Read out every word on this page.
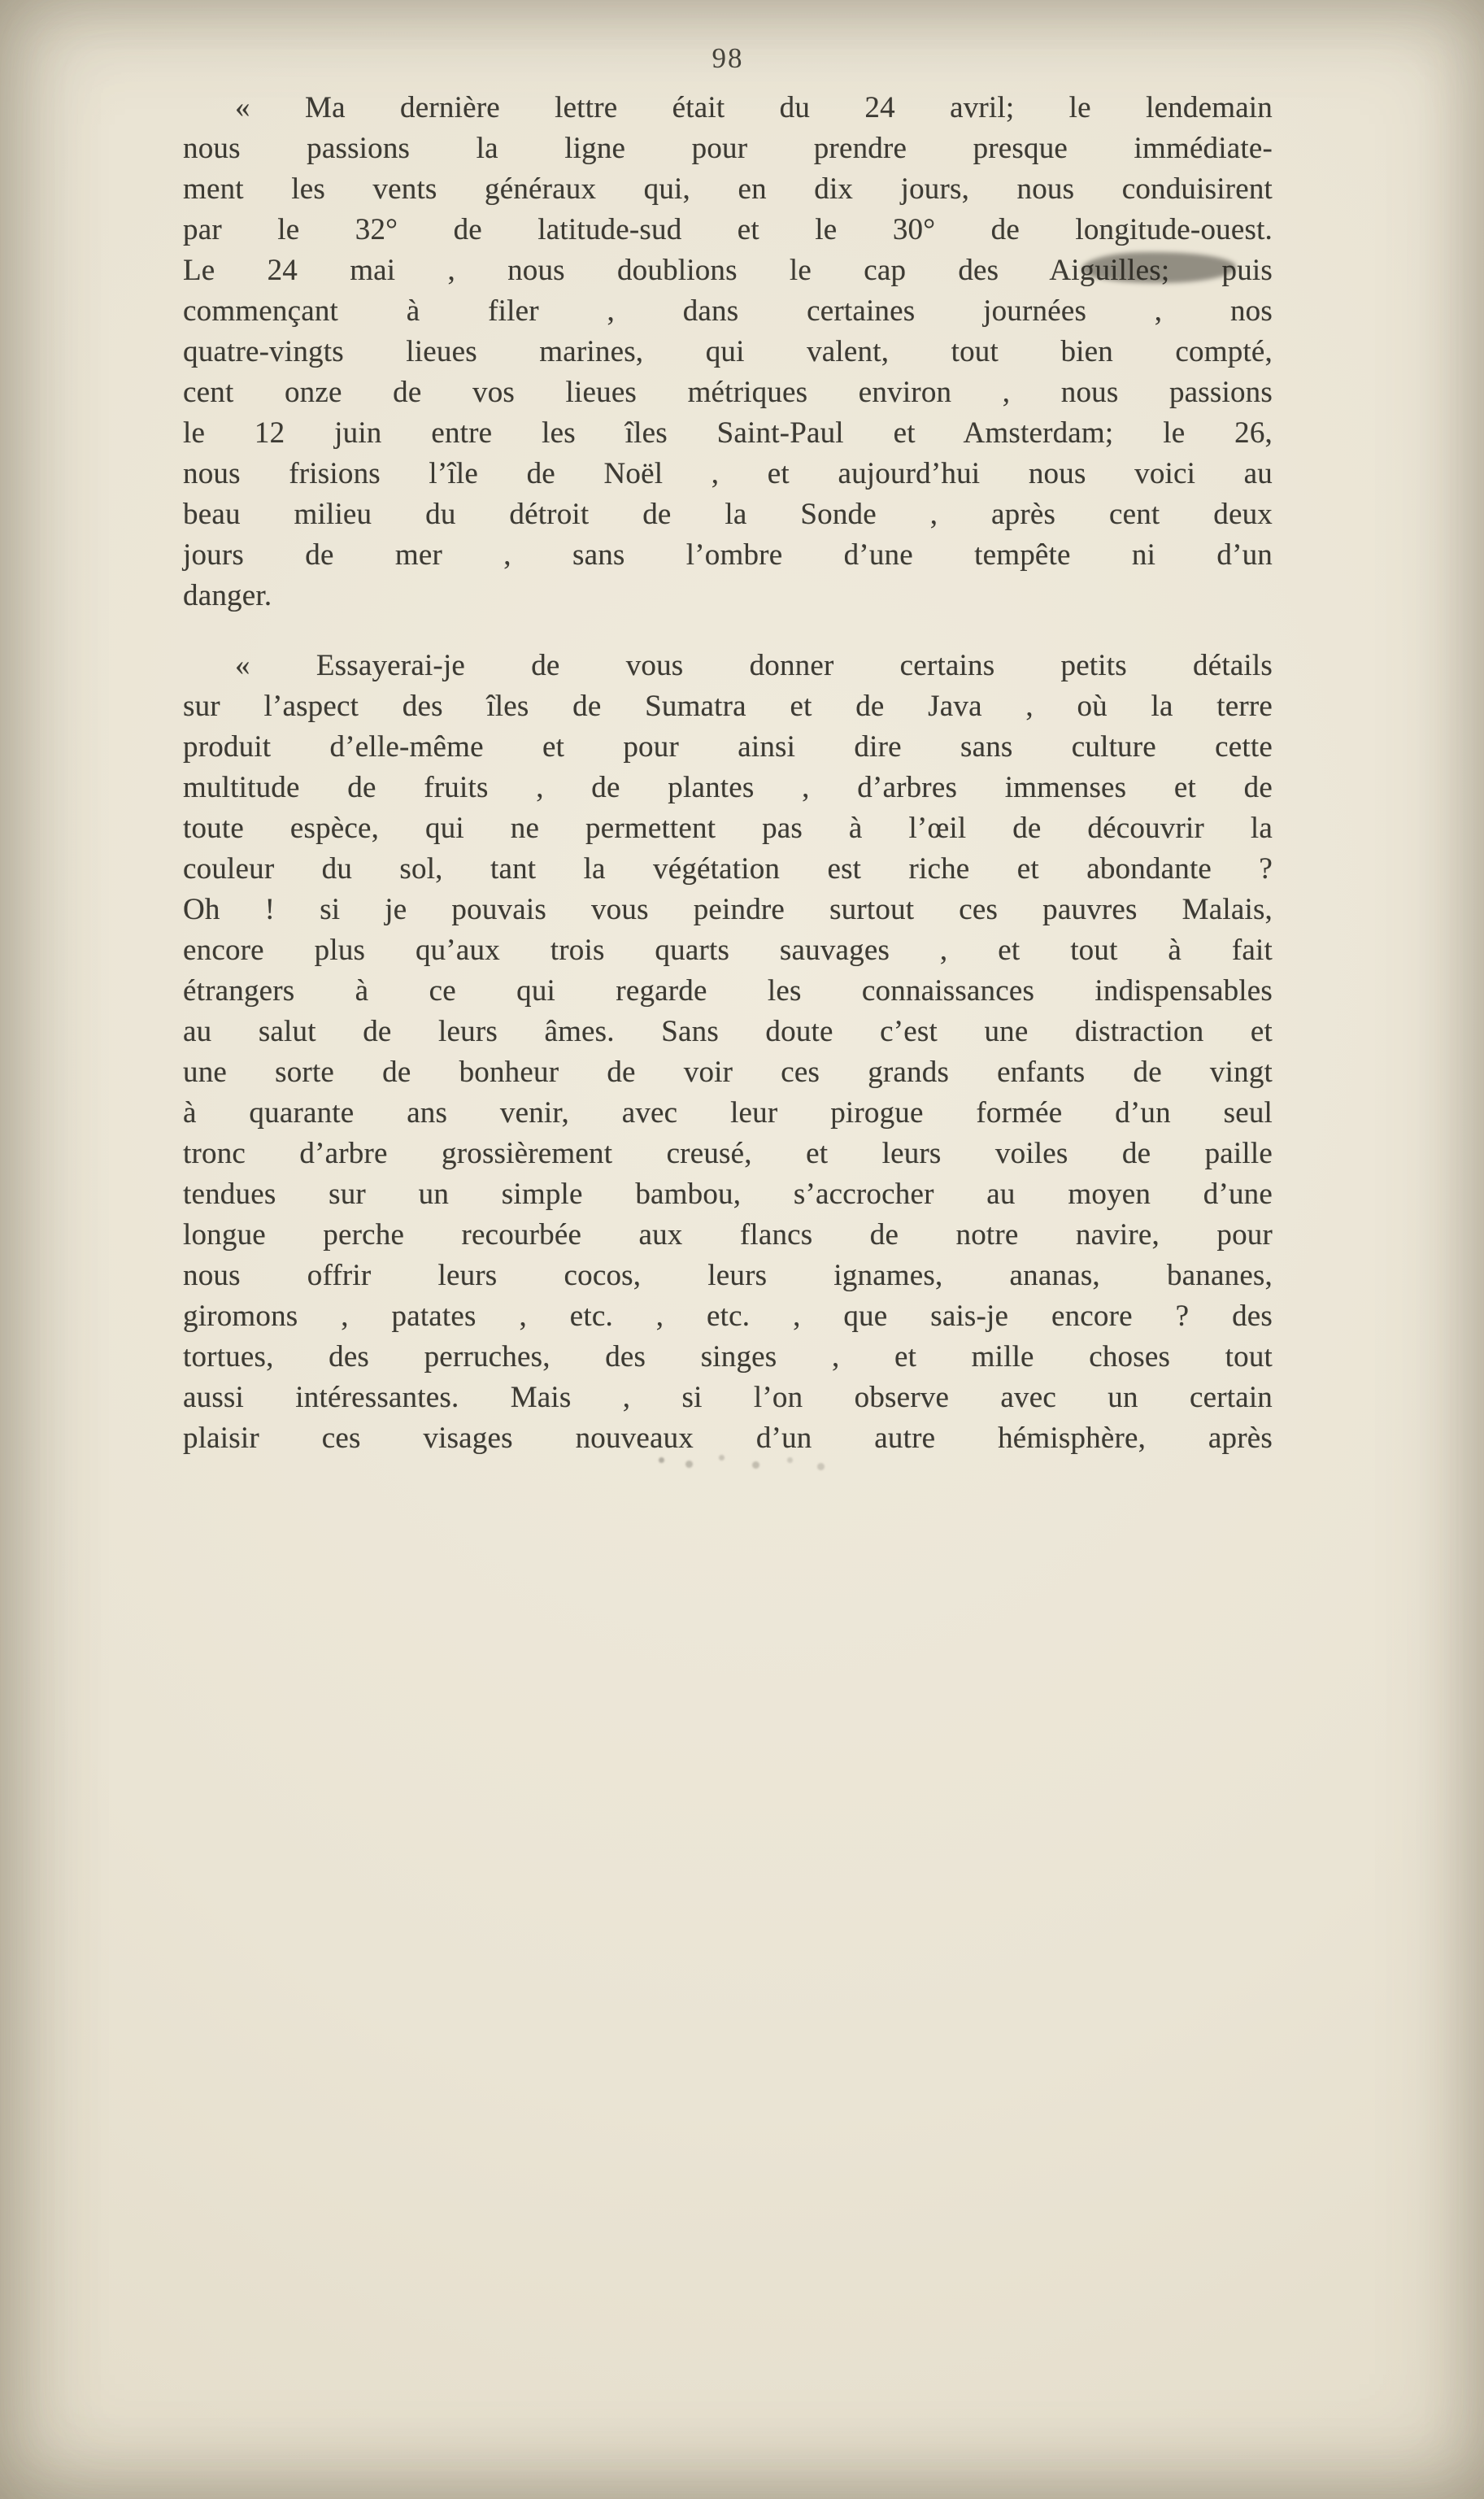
98
« Ma dernière lettre était du 24 avril; le lendemain
nous passions la ligne pour prendre presque immédiate-
ment les vents généraux qui, en dix jours, nous conduisirent
par le 32° de latitude-sud et le 30° de longitude-ouest.
Le 24 mai , nous doublions le cap des Aiguilles; puis
commençant à filer , dans certaines journées , nos
quatre-vingts lieues marines, qui valent, tout bien compté,
cent onze de vos lieues métriques environ , nous passions
le 12 juin entre les îles Saint-Paul et Amsterdam; le 26,
nous frisions l’île de Noël , et aujourd’hui nous voici au
beau milieu du détroit de la Sonde , après cent deux
jours de mer , sans l’ombre d’une tempête ni d’un
danger.
« Essayerai-je de vous donner certains petits détails
sur l’aspect des îles de Sumatra et de Java , où la terre
produit d’elle-même et pour ainsi dire sans culture cette
multitude de fruits , de plantes , d’arbres immenses et de
toute espèce, qui ne permettent pas à l’œil de découvrir la
couleur du sol, tant la végétation est riche et abondante ?
Oh ! si je pouvais vous peindre surtout ces pauvres Malais,
encore plus qu’aux trois quarts sauvages , et tout à fait
étrangers à ce qui regarde les connaissances indispensables
au salut de leurs âmes. Sans doute c’est une distraction et
une sorte de bonheur de voir ces grands enfants de vingt
à quarante ans venir, avec leur pirogue formée d’un seul
tronc d’arbre grossièrement creusé, et leurs voiles de paille
tendues sur un simple bambou, s’accrocher au moyen d’une
longue perche recourbée aux flancs de notre navire, pour
nous offrir leurs cocos, leurs ignames, ananas, bananes,
giromons , patates , etc. , etc. , que sais-je encore ? des
tortues, des perruches, des singes , et mille choses tout
aussi intéressantes. Mais , si l’on observe avec un certain
plaisir ces visages nouveaux d’un autre hémisphère, après
